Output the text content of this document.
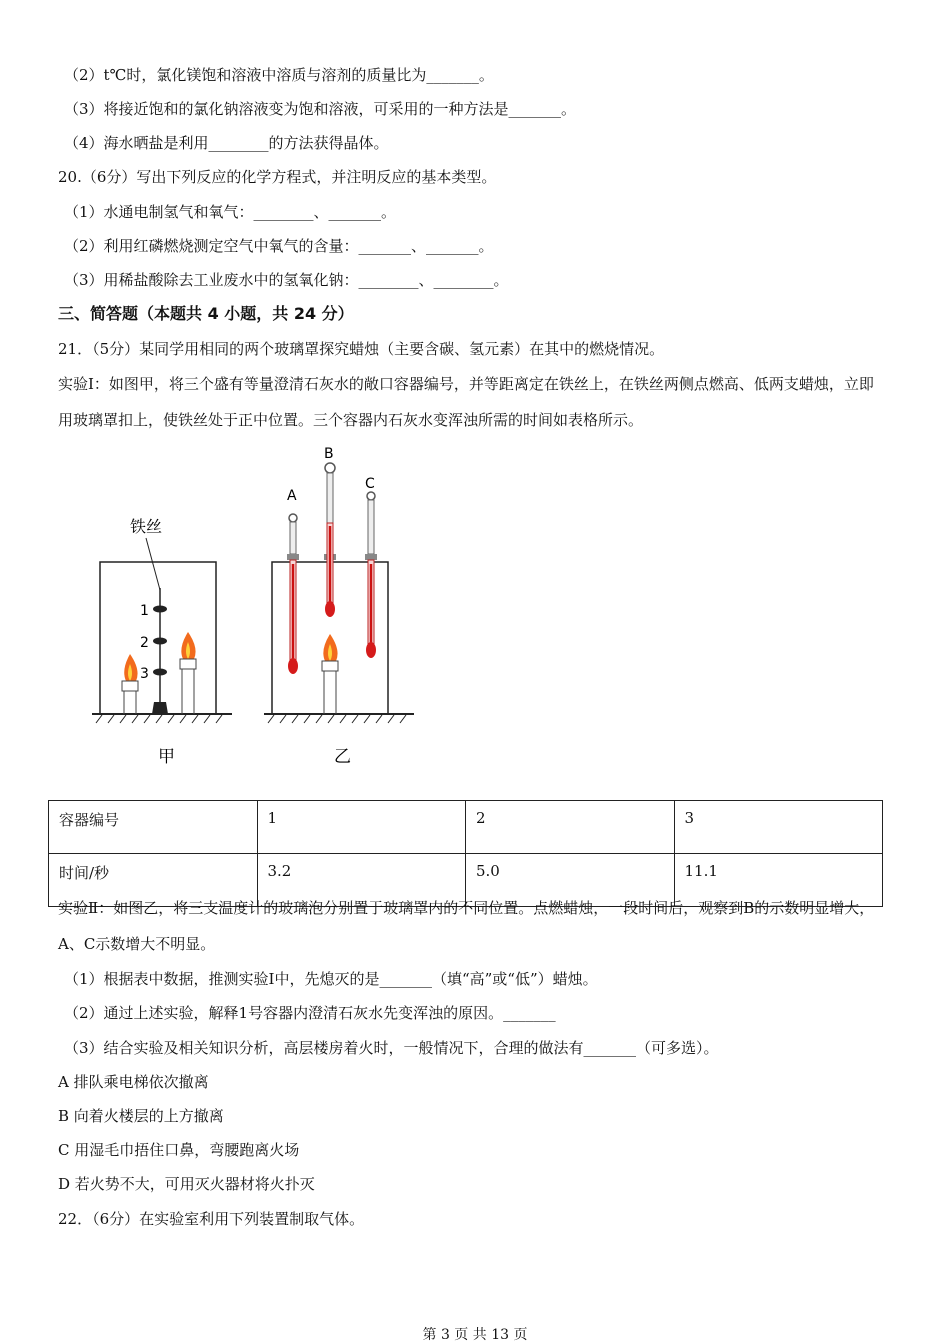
（2）t℃时，氯化镁饱和溶液中溶质与溶剂的质量比为_______。
（3）将接近饱和的氯化钠溶液变为饱和溶液，可采用的一种方法是_______。
（4）海水晒盐是利用________的方法获得晶体。
20.（6分）写出下列反应的化学方程式，并注明反应的基本类型。
（1）水通电制氢气和氧气：________、_______。
（2）利用红磷燃烧测定空气中氧气的含量：_______、_______。
（3）用稀盐酸除去工业废水中的氢氧化钠：________、________。
三、简答题（本题共 4 小题，共 24 分）
21．（5分）某同学用相同的两个玻璃罩探究蜡烛（主要含碳、氢元素）在其中的燃烧情况。
实验Ⅰ：如图甲，将三个盛有等量澄清石灰水的敞口容器编号，并等距离定在铁丝上，在铁丝两侧点燃高、低两支蜡烛，立即用玻璃罩扣上，使铁丝处于正中位置。三个容器内石灰水变浑浊所需的时间如表格所示。
铁丝
1
2
3
甲
A
B
C
乙
容器编号	1	2	3
时间/秒	3.2	5.0	11.1
实验Ⅱ：如图乙，将三支温度计的玻璃泡分别置于玻璃罩内的不同位置。点燃蜡烛，一段时间后，观察到B的示数明显增大，A、C示数增大不明显。
（1）根据表中数据，推测实验Ⅰ中，先熄灭的是_______（填“高”或“低”）蜡烛。
（2）通过上述实验，解释1号容器内澄清石灰水先变浑浊的原因。_______
（3）结合实验及相关知识分析，高层楼房着火时，一般情况下，合理的做法有_______（可多选）。
A 排队乘电梯依次撤离
B 向着火楼层的上方撤离
C 用湿毛巾捂住口鼻，弯腰跑离火场
D 若火势不大，可用灭火器材将火扑灭
22．（6分）在实验室利用下列装置制取气体。
第 3 页 共 13 页
